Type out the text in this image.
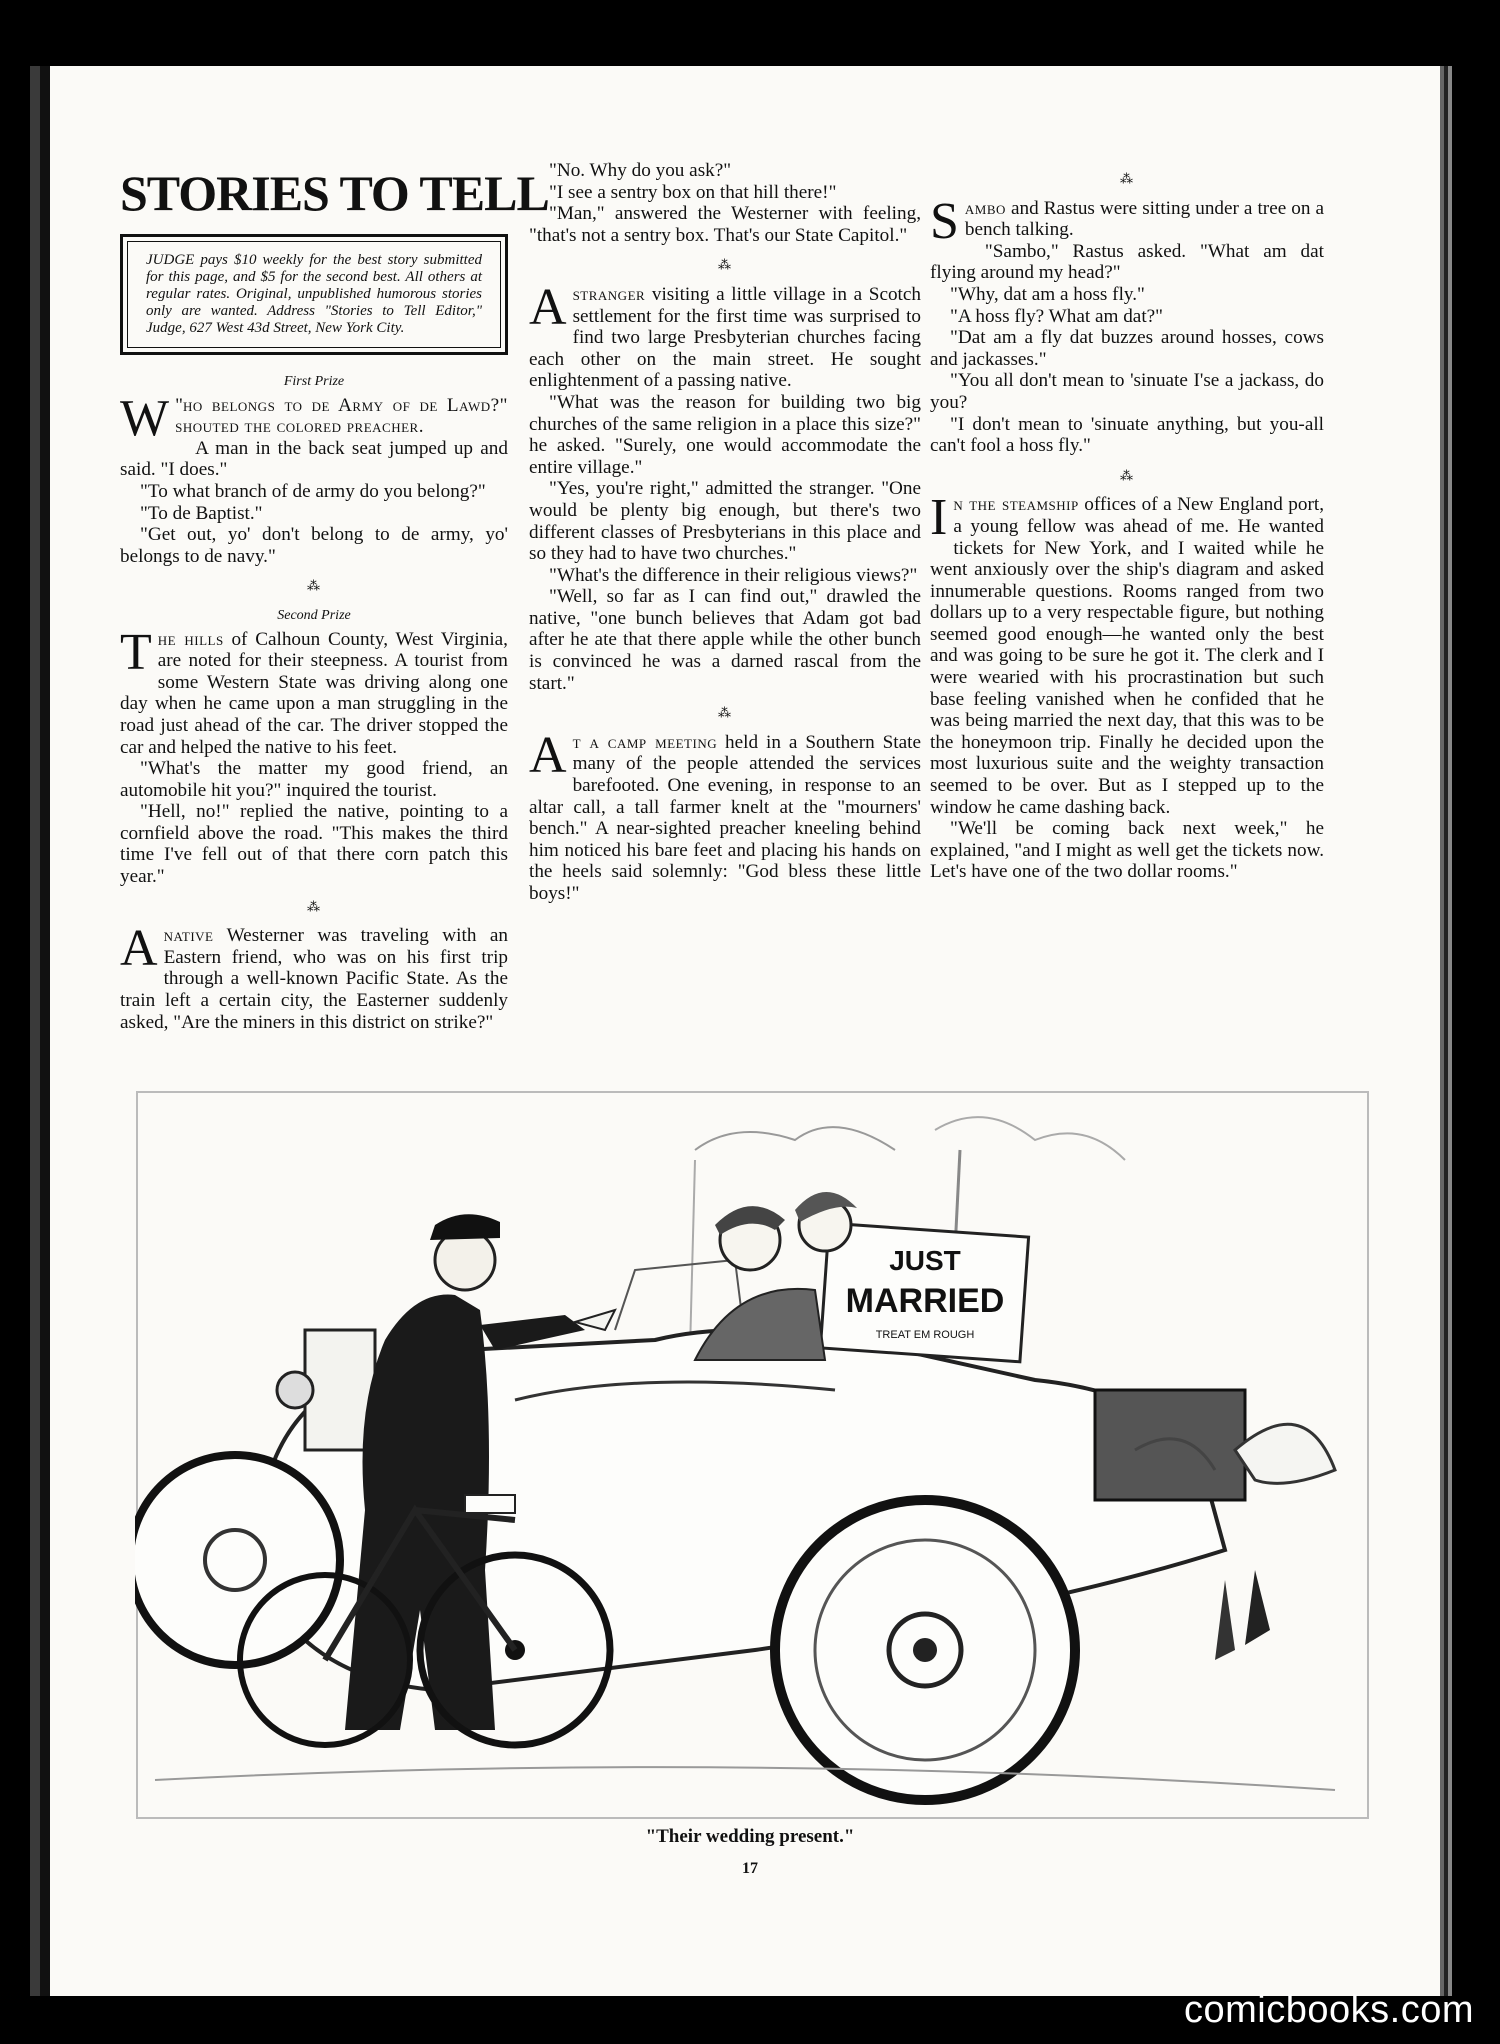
STORIES TO TELL
JUDGE pays $10 weekly for the best story submitted for this page, and $5 for the second best. All others at regular rates. Original, unpublished humorous stories only are wanted. Address "Stories to Tell Editor," Judge, 627 West 43d Street, New York City.
First Prize

"
W ho belongs to de Army of de Lawd?" shouted the colored preacher.

A man in the back seat jumped up and said. "I does."

"To what branch of de army do you belong?"

"To de Baptist."

"Get out, yo' don't belong to de army, yo' belongs to de navy."

⁂
Second Prize

The hills of Calhoun County, West Virginia, are noted for their steepness. A tourist from some Western State was driving along one day when he came upon a man struggling in the road just ahead of the car. The driver stopped the car and helped the native to his feet.

"What's the matter my good friend, an automobile hit you?" inquired the tourist.

"Hell, no!" replied the native, pointing to a cornfield above the road. "This makes the third time I've fell out of that there corn patch this year."

⁂

A native Westerner was traveling with an Eastern friend, who was on his first trip through a well-known Pacific State. As the train left a certain city, the Easterner suddenly asked, "Are the miners in this district on strike?"

"No. Why do you ask?"

"I see a sentry box on that hill there!"

"Man," answered the Westerner with feeling, "that's not a sentry box. That's our State Capitol."

⁂

A stranger visiting a little village in a Scotch settlement for the first time was surprised to find two large Presbyterian churches facing each other on the main street. He sought enlightenment of a passing native.

"What was the reason for building two big churches of the same religion in a place this size?" he asked. "Surely, one would accommodate the entire village."

"Yes, you're right," admitted the stranger. "One would be plenty big enough, but there's two different classes of Presbyterians in this place and so they had to have two churches."

"What's the difference in their religious views?"

"Well, so far as I can find out," drawled the native, "one bunch believes that Adam got bad after he ate that there apple while the other bunch is convinced he was a darned rascal from the start."

⁂

At a camp meeting held in a Southern State many of the people attended the services barefooted. One evening, in response to an altar call, a tall farmer knelt at the "mourners' bench." A near-sighted preacher kneeling behind him noticed his bare feet and placing his hands on the heels said solemnly: "God bless these little boys!"

⁂

Sambo and Rastus were sitting under a tree on a bench talking.

"Sambo," Rastus asked. "What am dat flying around my head?"

"Why, dat am a hoss fly."

"A hoss fly? What am dat?"

"Dat am a fly dat buzzes around hosses, cows and jackasses."

"You all don't mean to 'sinuate I'se a jackass, do you?

"I don't mean to 'sinuate anything, but you-all can't fool a hoss fly."

⁂

In the steamship offices of a New England port, a young fellow was ahead of me. He wanted tickets for New York, and I waited while he went anxiously over the ship's diagram and asked innumerable questions. Rooms ranged from two dollars up to a very respectable figure, but nothing seemed good enough—he wanted only the best and was going to be sure he got it. The clerk and I were wearied with his procrastination but such base feeling vanished when he confided that he was being married the next day, that this was to be the honeymoon trip. Finally he decided upon the most luxurious suite and the weighty transaction seemed to be over. But as I stepped up to the window he came dashing back.

"We'll be coming back next week," he explained, "and I might as well get the tickets now. Let's have one of the two dollar rooms."

JUST
MARRIED
TREAT EM ROUGH
"Their wedding present."
17
comicbooks.com
